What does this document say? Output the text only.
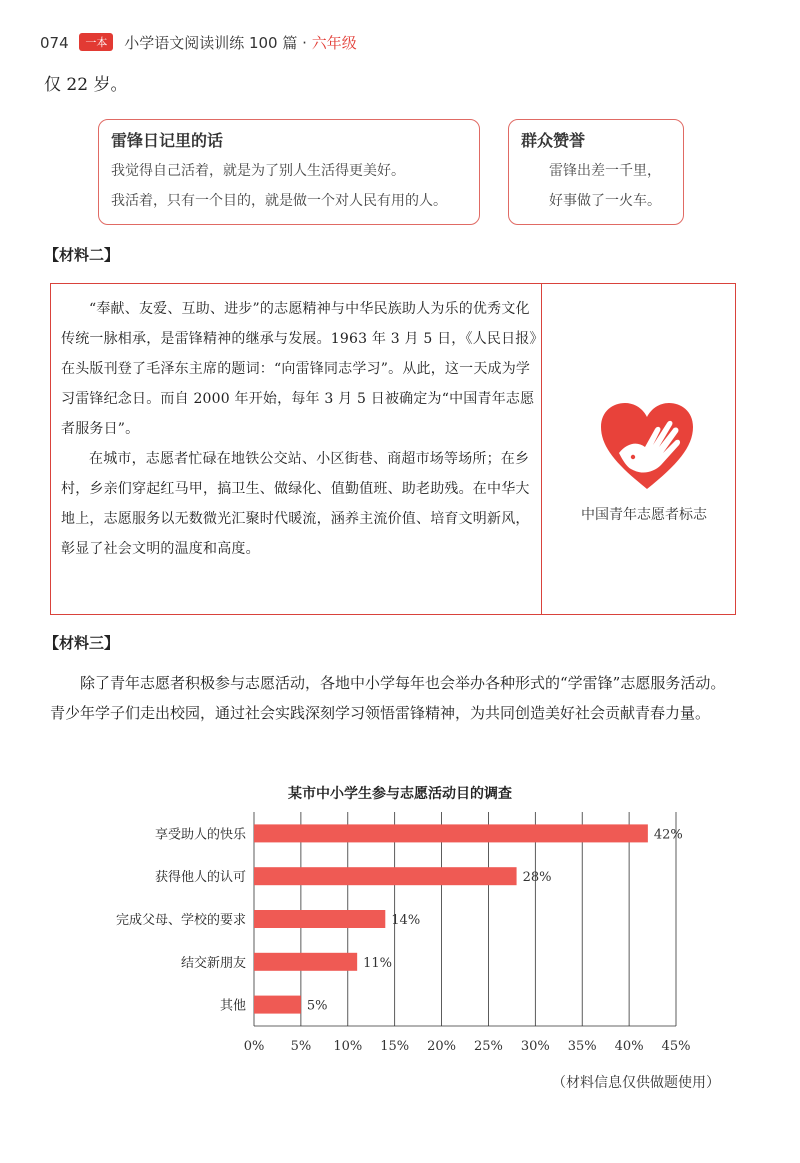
074 一本 小学语文阅读训练 100 篇 · 六年级
仅 22 岁。
雷锋日记里的话
我觉得自己活着，就是为了别人生活得更美好。
我活着，只有一个目的，就是做一个对人民有用的人。
群众赞誉
雷锋出差一千里，
好事做了一火车。
【材料二】

“奉献、友爱、互助、进步”的志愿精神与中华民族助人为乐的优秀文化传统一脉相承，是雷锋精神的继承与发展。1963 年 3 月 5 日，《人民日报》在头版刊登了毛泽东主席的题词：“向雷锋同志学习”。从此，这一天成为学习雷锋纪念日。而自 2000 年开始，每年 3 月 5 日被确定为“中国青年志愿者服务日”。

在城市，志愿者忙碌在地铁公交站、小区街巷、商超市场等场所；在乡村，乡亲们穿起红马甲，搞卫生、做绿化、值勤值班、助老助残。在中华大地上，志愿服务以无数微光汇聚时代暖流，涵养主流价值、培育文明新风，彰显了社会文明的温度和高度。

中国青年志愿者标志
【材料三】

除了青年志愿者积极参与志愿活动，各地中小学每年也会举办各种形式的“学雷锋”志愿服务活动。青少年学子们走出校园，通过社会实践深刻学习领悟雷锋精神，为共同创造美好社会贡献青春力量。

某市中小学生参与志愿活动目的调查
0% 5% 10% 15% 20% 25% 30% 35% 40% 45%
享受助人的快乐	42%
获得他人的认可	28%
完成父母、学校的要求	14%
结交新朋友	11%
其他	5%
（材料信息仅供做题使用）
